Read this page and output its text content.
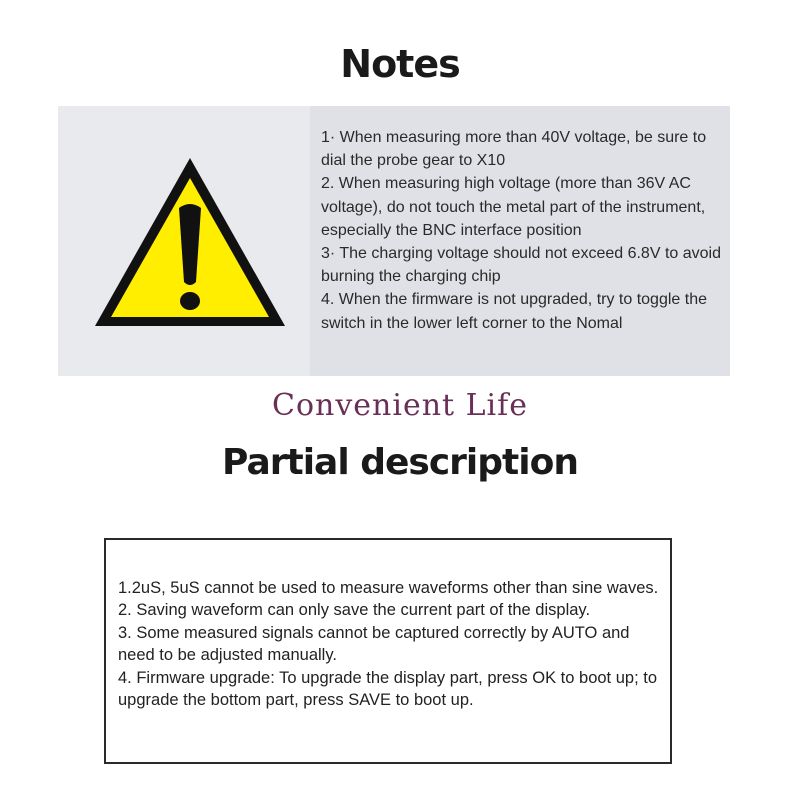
Notes

1· When measuring more than 40V voltage, be sure to dial the probe gear to X10

2. When measuring high voltage (more than 36V AC voltage), do not touch the metal part of the instrument, especially the BNC interface position

3· The charging voltage should not exceed 6.8V to avoid burning the charging chip

4. When the firmware is not upgraded, try to toggle the switch in the lower left corner to the Nomal

Convenient Life
Partial description

1.2uS, 5uS cannot be used to measure waveforms other than sine waves.

2. Saving waveform can only save the current part of the display.

3. Some measured signals cannot be captured correctly by AUTO and need to be adjusted manually.

4. Firmware upgrade: To upgrade the display part, press OK to boot up; to upgrade the bottom part, press SAVE to boot up.
